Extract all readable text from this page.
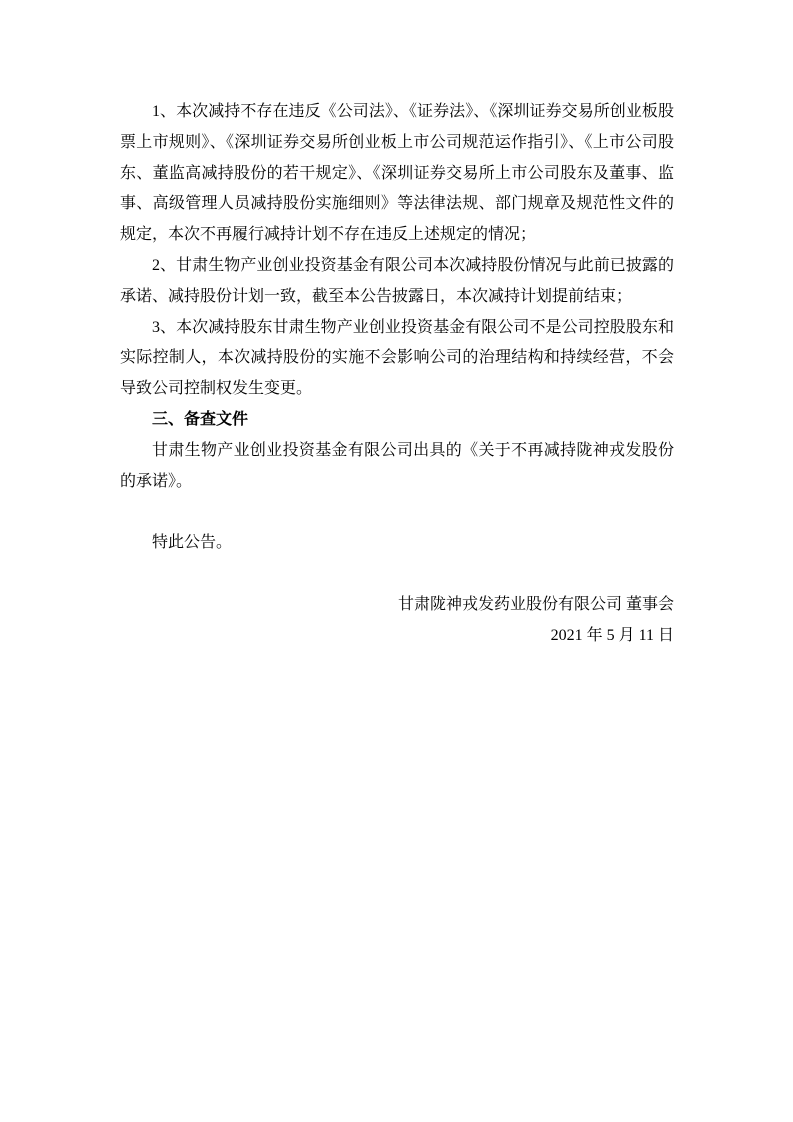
1、本次减持不存在违反《公司法》、《证券法》、《深圳证券交易所创业板股票上市规则》、《深圳证券交易所创业板上市公司规范运作指引》、《上市公司股东、董监高减持股份的若干规定》、《深圳证券交易所上市公司股东及董事、监事、高级管理人员减持股份实施细则》等法律法规、部门规章及规范性文件的规定，本次不再履行减持计划不存在违反上述规定的情况；

2、甘肃生物产业创业投资基金有限公司本次减持股份情况与此前已披露的承诺、减持股份计划一致，截至本公告披露日，本次减持计划提前结束；

3、本次减持股东甘肃生物产业创业投资基金有限公司不是公司控股股东和实际控制人，本次减持股份的实施不会影响公司的治理结构和持续经营，不会导致公司控制权发生变更。

三、备查文件

甘肃生物产业创业投资基金有限公司出具的《关于不再减持陇神戎发股份的承诺》。

特此公告。

甘肃陇神戎发药业股份有限公司 董事会

2021 年 5 月 11 日
